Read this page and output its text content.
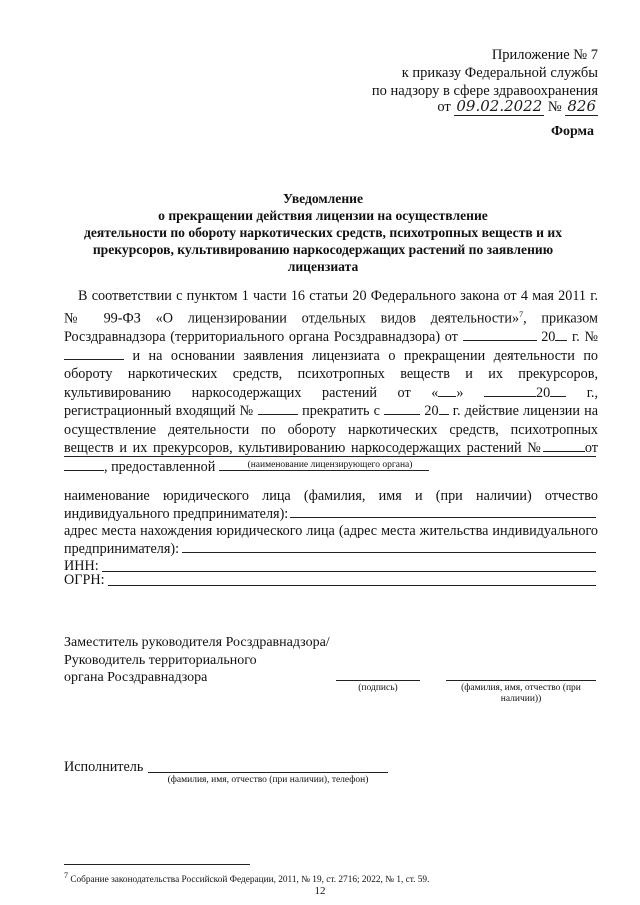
Приложение № 7
к приказу Федеральной службы
по надзору в сфере здравоохранения
от 09.02.2022 № 826
Форма
Уведомление
о прекращении действия лицензии на осуществление
деятельности по обороту наркотических средств, психотропных веществ и их
прекурсоров, культивированию наркосодержащих растений по заявлению
лицензиата
В соответствии с пунктом 1 части 16 статьи 20 Федерального закона от 4 мая 2011 г. № 99-ФЗ «О лицензировании отдельных видов деятельности»$^7$, приказом Росздравнадзора (территориального органа Росздравнадзора) от	20 г. №  и на основании заявления лицензиата о прекращении деятельности по обороту наркотических средств, психотропных веществ и их прекурсоров, культивированию наркосодержащих растений от « »	20	г., регистрационный входящий №	прекратить с	20 г. действие лицензии на осуществление деятельности по обороту наркотических средств, психотропных веществ и их прекурсоров, культивированию наркосодержащих растений №	от, предоставленной	(наименование лицензирующего органа)
наименование юридического лица (фамилия, имя и (при наличии) отчество индивидуального предпринимателя):
адрес места нахождения юридического лица (адрес места жительства индивидуального предпринимателя):
ИНН:
ОГРН:
Заместитель руководителя Росздравнадзора/
Руководитель территориального
органа Росздравнадзора
(подпись)	(фамилия, имя, отчество (при наличии))
Исполнитель
(фамилия, имя, отчество (при наличии), телефон)
$^7$ Собрание законодательства Российской Федерации, 2011, № 19, ст. 2716; 2022, № 1, ст. 59.
12
